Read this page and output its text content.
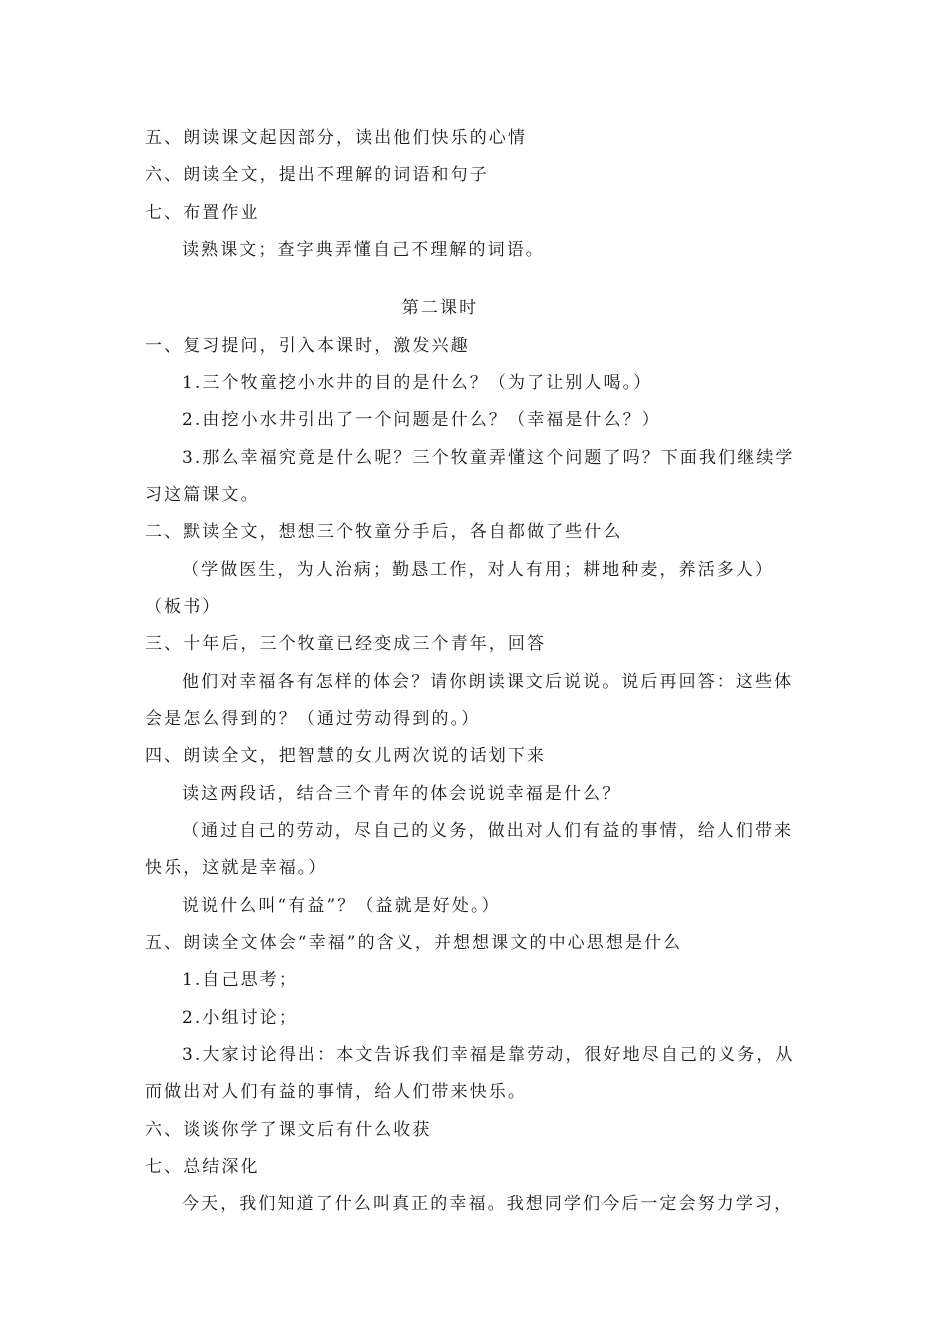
五、朗读课文起因部分，读出他们快乐的心情
六、朗读全文，提出不理解的词语和句子
七、布置作业
读熟课文；查字典弄懂自己不理解的词语。
第二课时
一、复习提问，引入本课时，激发兴趣
1.三个牧童挖小水井的目的是什么？（为了让别人喝。）
2.由挖小水井引出了一个问题是什么？（幸福是什么？）
3.那么幸福究竟是什么呢？三个牧童弄懂这个问题了吗？下面我们继续学
习这篇课文。
二、默读全文，想想三个牧童分手后，各自都做了些什么
（学做医生，为人治病；勤恳工作，对人有用；耕地种麦，养活多人）
（板书）
三、十年后，三个牧童已经变成三个青年，回答
他们对幸福各有怎样的体会？请你朗读课文后说说。说后再回答：这些体
会是怎么得到的？（通过劳动得到的。）
四、朗读全文，把智慧的女儿两次说的话划下来
读这两段话，结合三个青年的体会说说幸福是什么？
（通过自己的劳动，尽自己的义务，做出对人们有益的事情，给人们带来
快乐，这就是幸福。）
说说什么叫“有益”？（益就是好处。）
五、朗读全文体会“幸福”的含义，并想想课文的中心思想是什么
1.自己思考；
2.小组讨论；
3.大家讨论得出：本文告诉我们幸福是靠劳动，很好地尽自己的义务，从
而做出对人们有益的事情，给人们带来快乐。
六、谈谈你学了课文后有什么收获
七、总结深化
今天，我们知道了什么叫真正的幸福。我想同学们今后一定会努力学习，
